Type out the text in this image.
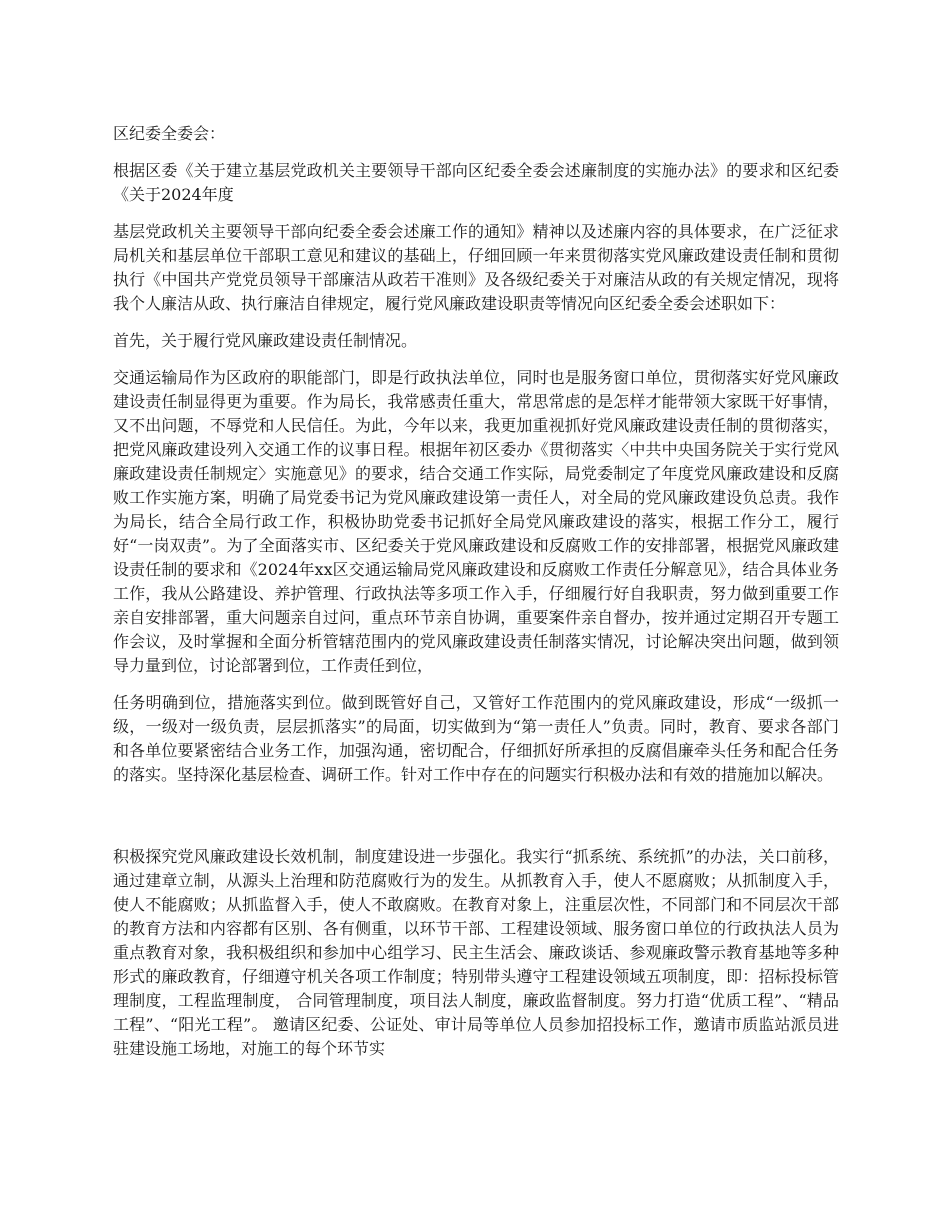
区纪委全委会：

根据区委《关于建立基层党政机关主要领导干部向区纪委全委会述廉制度的实施办法》的要求和区纪委《关于2024年度

基层党政机关主要领导干部向纪委全委会述廉工作的通知》精神以及述廉内容的具体要求，在广泛征求局机关和基层单位干部职工意见和建议的基础上，仔细回顾一年来贯彻落实党风廉政建设责任制和贯彻执行《中国共产党党员领导干部廉洁从政若干准则》及各级纪委关于对廉洁从政的有关规定情况，现将我个人廉洁从政、执行廉洁自律规定，履行党风廉政建设职责等情况向区纪委全委会述职如下：

首先，关于履行党风廉政建设责任制情况。

交通运输局作为区政府的职能部门，即是行政执法单位，同时也是服务窗口单位，贯彻落实好党风廉政建设责任制显得更为重要。作为局长，我常感责任重大，常思常虑的是怎样才能带领大家既干好事情，又不出问题，不辱党和人民信任。为此，今年以来，我更加重视抓好党风廉政建设责任制的贯彻落实，把党风廉政建设列入交通工作的议事日程。根据年初区委办《贯彻落实〈中共中央国务院关于实行党风廉政建设责任制规定〉实施意见》的要求，结合交通工作实际，局党委制定了年度党风廉政建设和反腐败工作实施方案，明确了局党委书记为党风廉政建设第一责任人，对全局的党风廉政建设负总责。我作为局长，结合全局行政工作，积极协助党委书记抓好全局党风廉政建设的落实，根据工作分工，履行好“一岗双责”。为了全面落实市、区纪委关于党风廉政建设和反腐败工作的安排部署，根据党风廉政建设责任制的要求和《2024年xx区交通运输局党风廉政建设和反腐败工作责任分解意见》，结合具体业务工作，我从公路建设、养护管理、行政执法等多项工作入手，仔细履行好自我职责，努力做到重要工作亲自安排部署，重大问题亲自过问，重点环节亲自协调，重要案件亲自督办，按并通过定期召开专题工作会议，及时掌握和全面分析管辖范围内的党风廉政建设责任制落实情况，讨论解决突出问题，做到领导力量到位，讨论部署到位，工作责任到位，

任务明确到位，措施落实到位。做到既管好自己，又管好工作范围内的党风廉政建设，形成“一级抓一级，一级对一级负责，层层抓落实”的局面，切实做到为“第一责任人”负责。同时，教育、要求各部门和各单位要紧密结合业务工作，加强沟通，密切配合，仔细抓好所承担的反腐倡廉牵头任务和配合任务的落实。坚持深化基层检查、调研工作。针对工作中存在的问题实行积极办法和有效的措施加以解决。

积极探究党风廉政建设长效机制，制度建设进一步强化。我实行“抓系统、系统抓”的办法，关口前移，通过建章立制，从源头上治理和防范腐败行为的发生。从抓教育入手，使人不愿腐败；从抓制度入手，使人不能腐败；从抓监督入手，使人不敢腐败。在教育对象上，注重层次性，不同部门和不同层次干部的教育方法和内容都有区别、各有侧重，以环节干部、工程建设领域、服务窗口单位的行政执法人员为重点教育对象，我积极组织和参加中心组学习、民主生活会、廉政谈话、参观廉政警示教育基地等多种形式的廉政教育，仔细遵守机关各项工作制度；特别带头遵守工程建设领域五项制度，即：招标投标管理制度，工程监理制度， 合同管理制度，项目法人制度，廉政监督制度。努力打造“优质工程”、“精品工程”、“阳光工程”。 邀请区纪委、公证处、审计局等单位人员参加招投标工作，邀请市质监站派员进驻建设施工场地，对施工的每个环节实
